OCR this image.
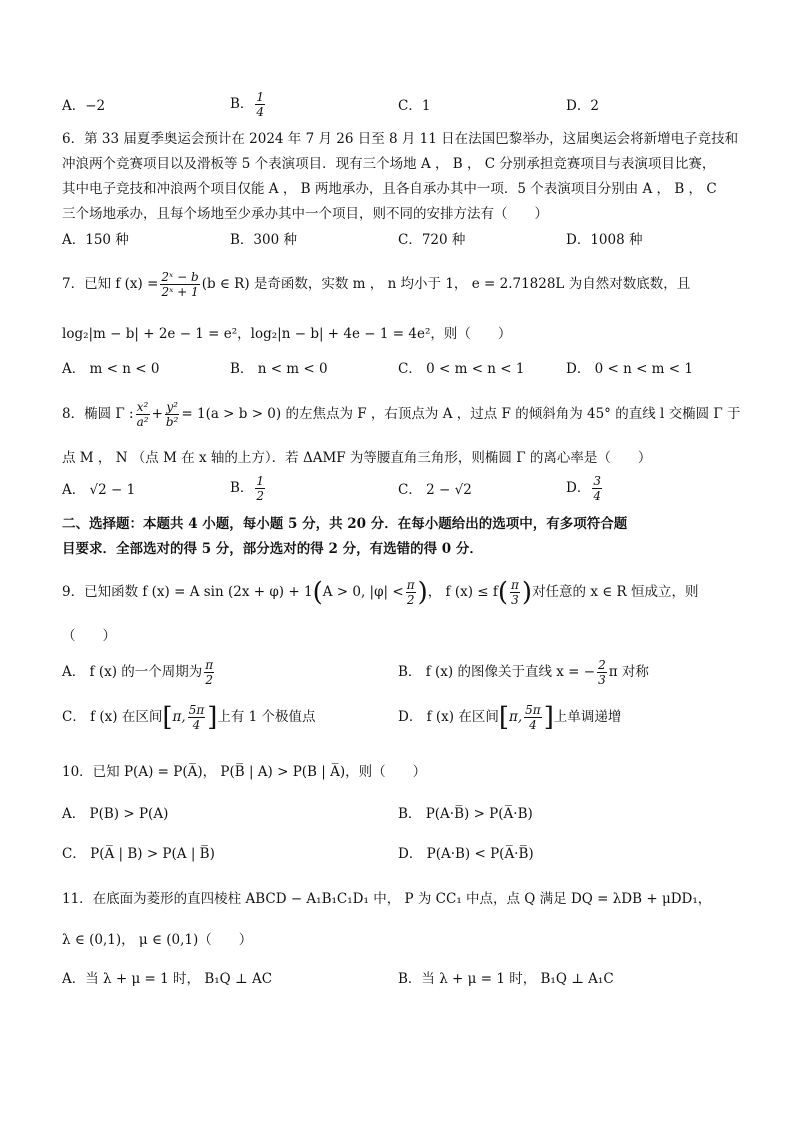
A．−2	B． $\frac{1}{4}$	C．1	D．2
6．第 33 届夏季奥运会预计在 2024 年 7 月 26 日至 8 月 11 日在法国巴黎举办，这届奥运会将新增电子竞技和
冲浪两个竞赛项目以及滑板等 5 个表演项目．现有三个场地 A ， B ， C 分别承担竞赛项目与表演项目比赛，
其中电子竞技和冲浪两个项目仅能 A ， B 两地承办，且各自承办其中一项．5 个表演项目分别由 A ， B ， C
三个场地承办，且每个场地至少承办其中一个项目，则不同的安排方法有（　　）
A．150 种	B．300 种	C．720 种	D．1008 种
7．已知 f $(x) = \frac{\text{2ˣ − b}}{\text{2ˣ + 1}} (b$ ∈ R) 是奇函数，实数 m ， n 均小于 1， e = 2.71828L 为自然对数底数，且
log₂|m − b| + 2e − 1 = e²，log₂|n − b| + 4e − 1 = 4e²，则（　　）
A． m < n < 0	B． n < m < 0	C． 0 < m < n < 1	D． 0 < n < m < 1
8．椭圆 Γ : $\frac{\text{x²}}{\text{a²}} + \frac{\text{y²}}{\text{b²}} = 1(a > b > 0)$ 的左焦点为 F ，右顶点为 A ，过点 F 的倾斜角为 45° 的直线 l 交椭圆 Γ 于
点 M ， N （点 M 在 x 轴的上方）．若 ΔAMF 为等腰直角三角形，则椭圆 Γ 的离心率是（　　）
A． √2 − 1	B． $\frac{1}{2}$	C． 2 − √2	D． $\frac{3}{4}$
二、选择题：本题共 4 小题，每小题 5 分，共 20 分．在每小题给出的选项中，有多项符合题
目要求．全部选对的得 5 分，部分选对的得 2 分，有选错的得 0 分．
9．已知函数 f (x) = A sin (2x + φ) + 1(A > 0, $|\varphi| < \frac{\pi}{2}$ )， f $(x) \le f( \frac{\pi}{3}$ )对任意的 x ∈ R 恒成立，则
（　　）
A． f (x) 的一个周期为 $\frac{\pi}{2}$	B． f (x) 的图像关于直线 x = − $\frac{2}{3}$ π 对称
C． f (x) 在区间[π, $\frac{5\pi}{4}$ ]上有 1 个极值点	D． f (x) 在区间[π, $\frac{5\pi}{4}$ ]上单调递增
10．已知 P(A) = P(A̅)， P(B̅ | A) > P(B | A̅)，则（　　）
A． P(B) > P(A)	B． P(A·B̅) > P(A̅·B)
C． P(A̅ | B) > P(A | B̅)	D． P(A·B) < P(A̅·B̅)
11．在底面为菱形的直四棱柱 ABCD − A₁B₁C₁D₁ 中， P 为 CC₁ 中点，点 Q 满足 DQ = λDB + μDD₁，
λ ∈ (0,1)， μ ∈ (0,1)（　　）
A．当 λ + μ = 1 时， B₁Q ⊥ AC	B．当 λ + μ = 1 时， B₁Q ⊥ A₁C
